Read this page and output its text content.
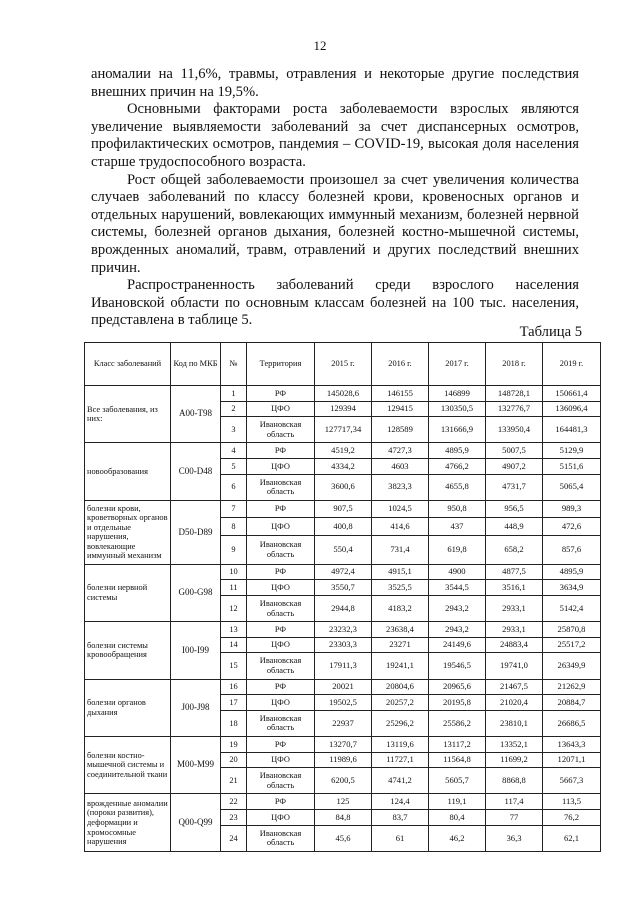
12

аномалии на 11,6%, травмы, отравления и некоторые другие последствия внешних причин на 19,5%.

Основными факторами роста заболеваемости взрослых являются увеличение выявляемости заболеваний за счет диспансерных осмотров, профилактических осмотров, пандемия – COVID-19, высокая доля населения старше трудоспособного возраста.

Рост общей заболеваемости произошел за счет увеличения количества случаев заболеваний по классу болезней крови, кровеносных органов и отдельных нарушений, вовлекающих иммунный механизм, болезней нервной системы, болезней органов дыхания, болезней костно-мышечной системы, врожденных аномалий, травм, отравлений и других последствий внешних причин.

Распространенность заболеваний среди взрослого населения Ивановской области по основным классам болезней на 100 тыс. населения, представлена в таблице 5.

Таблица 5
Класс заболеваний	Код по МКБ	№	Территория	2015 г.	2016 г.	2017 г.	2018 г.	2019 г.
Все заболевания, из них:	A00-T98	1	РФ	145028,6	146155	146899	148728,1	150661,4
		2	ЦФО	129394	129415	130350,5	132776,7	136096,4
		3	Ивановская область	127717,34	128589	131666,9	133950,4	164481,3
новообразования	C00-D48	4	РФ	4519,2	4727,3	4895,9	5007,5	5129,9
		5	ЦФО	4334,2	4603	4766,2	4907,2	5151,6
		6	Ивановская область	3600,6	3823,3	4655,8	4731,7	5065,4
болезни крови, кроветворных органов и отдельные нарушения, вовлекающие иммунный механизм	D50-D89	7	РФ	907,5	1024,5	950,8	956,5	989,3
		8	ЦФО	400,8	414,6	437	448,9	472,6
		9	Ивановская область	550,4	731,4	619,8	658,2	857,6
болезни нервной системы	G00-G98	10	РФ	4972,4	4915,1	4900	4877,5	4895,9
		11	ЦФО	3550,7	3525,5	3544,5	3516,1	3634,9
		12	Ивановская область	2944,8	4183,2	2943,2	2933,1	5142,4
болезни системы кровообращения	I00-I99	13	РФ	23232,3	23638,4	2943,2	2933,1	25870,8
		14	ЦФО	23303,3	23271	24149,6	24883,4	25517,2
		15	Ивановская область	17911,3	19241,1	19546,5	19741,0	26349,9
болезни органов дыхания	J00-J98	16	РФ	20021	20804,6	20965,6	21467,5	21262,9
		17	ЦФО	19502,5	20257,2	20195,8	21020,4	20884,7
		18	Ивановская область	22937	25296,2	25586,2	23810,1	26686,5
болезни костно-мышечной системы и соединительной ткани	M00-M99	19	РФ	13270,7	13119,6	13117,2	13352,1	13643,3
		20	ЦФО	11989,6	11727,1	11564,8	11699,2	12071,1
		21	Ивановская область	6200,5	4741,2	5605,7	8868,8	5667,3
врожденные аномалии (пороки развития), деформации и хромосомные нарушения	Q00-Q99	22	РФ	125	124,4	119,1	117,4	113,5
		23	ЦФО	84,8	83,7	80,4	77	76,2
		24	Ивановская область	45,6	61	46,2	36,3	62,1
